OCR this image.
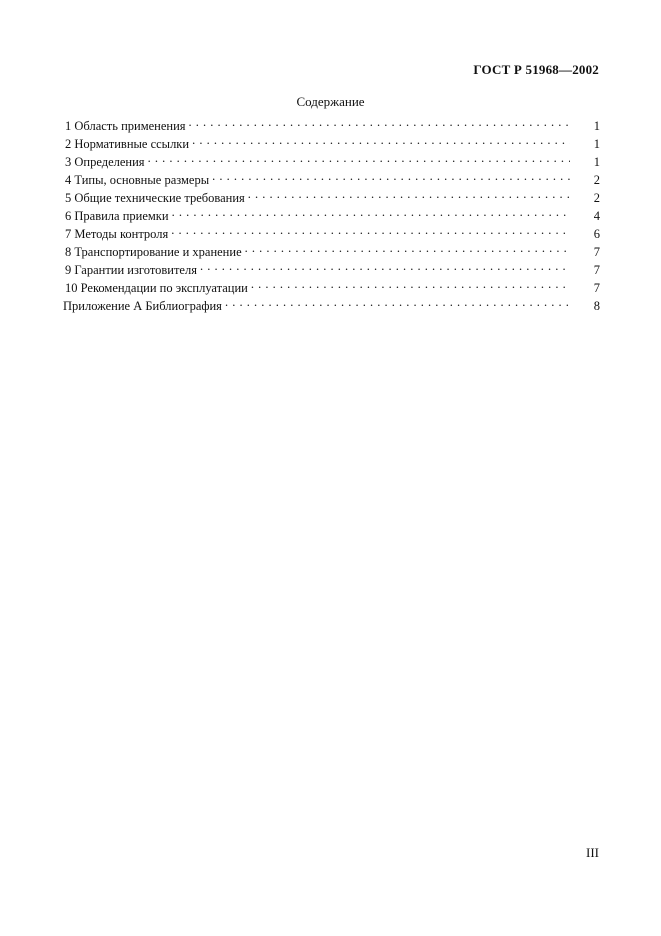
ГОСТ Р 51968—2002
Содержание
1 Область применения . . .	1
2 Нормативные ссылки . . .	1
3 Определения . . .	1
4 Типы, основные размеры . . .	2
5 Общие технические требования . . .	2
6 Правила приемки . . .	4
7 Методы контроля . . .	6
8 Транспортирование и хранение . . .	7
9 Гарантии изготовителя . . .	7
10 Рекомендации по эксплуатации . . .	7
Приложение А Библиография . . .	8
III
